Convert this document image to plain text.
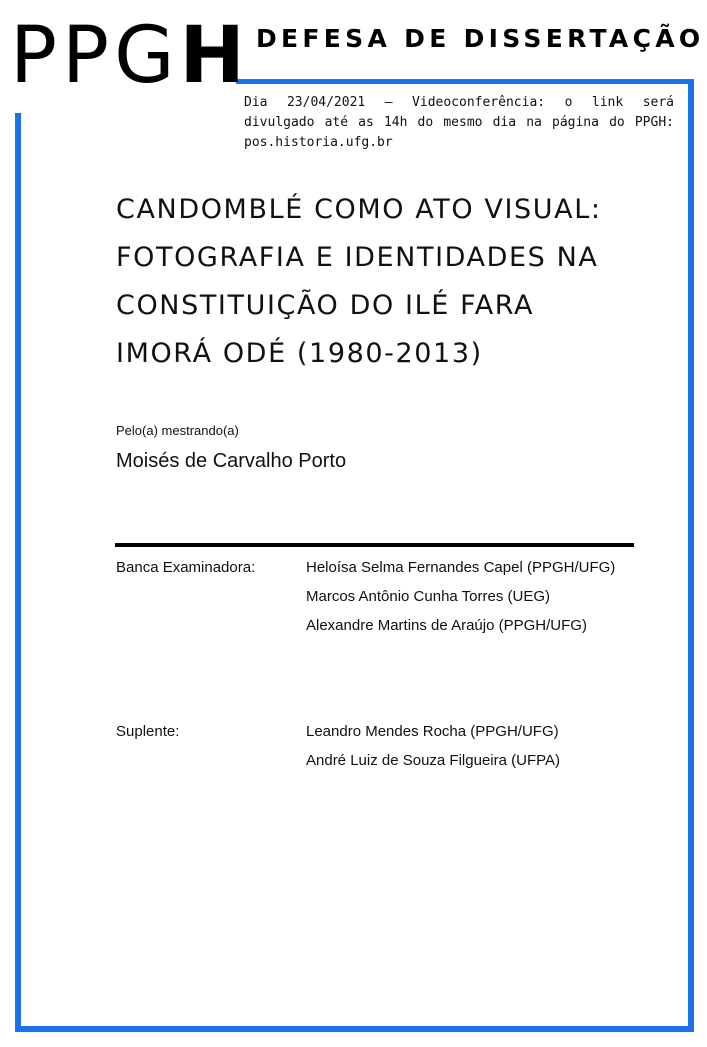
PPGH DEFESA DE DISSERTAÇÃO

Dia 23/04/2021 – Videoconferência: o link será divulgado até as 14h do mesmo dia na página do PPGH: pos.historia.ufg.br

CANDOMBLÉ COMO ATO VISUAL:
FOTOGRAFIA E IDENTIDADES NA
CONSTITUIÇÃO DO ILÉ FARA
IMORÁ ODÉ (1980-2013)

Pelo(a) mestrando(a)

Moisés de Carvalho Porto

Banca Examinadora:	Heloísa Selma Fernandes Capel (PPGH/UFG)
Marcos Antônio Cunha Torres (UEG)
Alexandre Martins de Araújo (PPGH/UFG)

Suplente:	Leandro Mendes Rocha (PPGH/UFG)
André Luiz de Souza Filgueira (UFPA)
